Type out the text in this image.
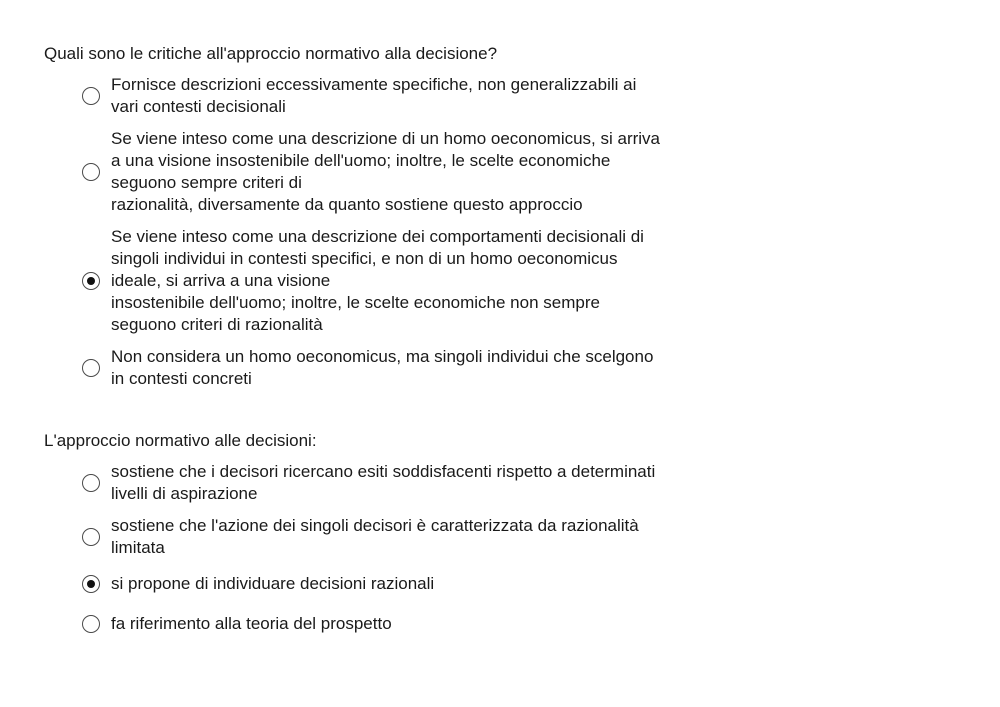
Quali sono le critiche all'approccio normativo alla decisione?

Fornisce descrizioni eccessivamente specifiche, non generalizzabili ai
vari contesti decisionali
Se viene inteso come una descrizione di un homo oeconomicus, si arriva
a una visione insostenibile dell'uomo; inoltre, le scelte economiche
seguono sempre criteri di
razionalità, diversamente da quanto sostiene questo approccio
Se viene inteso come una descrizione dei comportamenti decisionali di
singoli individui in contesti specifici, e non di un homo oeconomicus
ideale, si arriva a una visione
insostenibile dell'uomo; inoltre, le scelte economiche non sempre
seguono criteri di razionalità
Non considera un homo oeconomicus, ma singoli individui che scelgono
in contesti concreti

L'approccio normativo alle decisioni:

sostiene che i decisori ricercano esiti soddisfacenti rispetto a determinati
livelli di aspirazione
sostiene che l'azione dei singoli decisori è caratterizzata da razionalità
limitata
si propone di individuare decisioni razionali
fa riferimento alla teoria del prospetto
